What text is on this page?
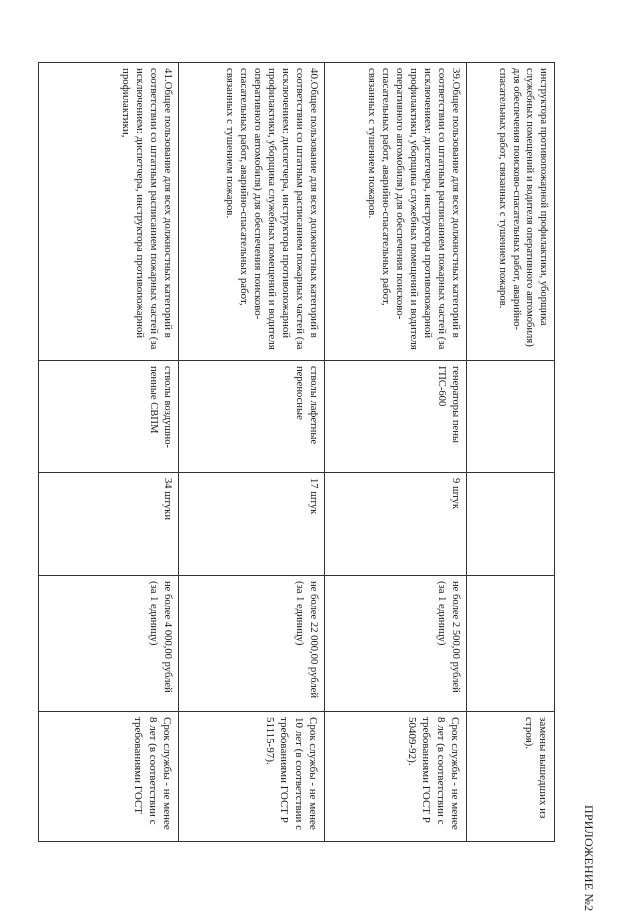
ПРИЛОЖЕНИЕ №2
инструктора противопожарной профилактики, уборщика служебных помещений и водителя оперативного автомобиля) для обеспечения поисково-спасательных работ, аварийно-спасательных работ, связанных с тушением пожаров.				замены вышедших из строя).
39.Общее пользование для всех должностных категорий в соответствии со штатным расписанием пожарных частей (за исключением: диспетчера, инструктора противопожарной профилактики, уборщика служебных помещений и водителя оперативного автомобиля) для обеспечения поисково-спасательных работ, аварийно-спасательных работ, связанных с тушением пожаров.	генераторы пены ГПС-600	9 штук	не более 2 500,00 рублей (за 1 единицу)	Срок службы - не менее 8 лет (в соответствии с требованиями ГОСТ Р 50409-92).
40.Общее пользование для всех должностных категорий в соответствии со штатным расписанием пожарных частей (за исключением: диспетчера, инструктора противопожарной профилактики, уборщика служебных помещений и водителя оперативного автомобиля) для обеспечения поисково-спасательных работ, аварийно-спасательных работ, связанных с тушением пожаров.	стволы лафетные переносные	17 штук	не более 22 000,00 рублей (за 1 единицу)	Срок службы - не менее 10 лет (в соответствии с требованиями ГОСТ Р 51115-97).
41.Общее пользование для всех должностных категорий в соответствии со штатным расписанием пожарных частей (за исключением: диспетчера, инструктора противопожарной профилактики,	стволы воздушно-пенные СВПМ	34 штуки	не более 4 000,00 рублей (за 1 единицу)	Срок службы - не менее 8 лет (в соответствии с требованиями ГОСТ
